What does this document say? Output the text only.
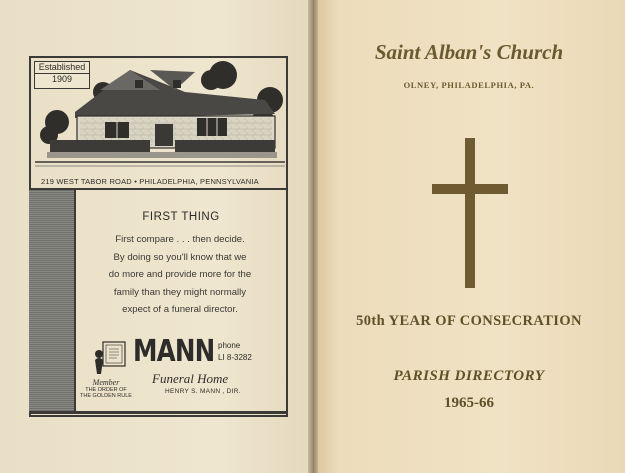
Established
1909
219 WEST TABOR ROAD • PHILADELPHIA, PENNSYLVANIA
FIRST THING
First compare . . . then decide.
By doing so you'll know that we
do more and provide more for the
family than they might normally
expect of a funeral director.
MANN phone
LI 8-3282
Funeral Home
HENRY S. MANN , DIR.
Member
THE ORDER OF
THE GOLDEN RULE
Saint Alban's Church
OLNEY, PHILADELPHIA, PA.
50th YEAR OF CONSECRATION
PARISH DIRECTORY
1965-66
